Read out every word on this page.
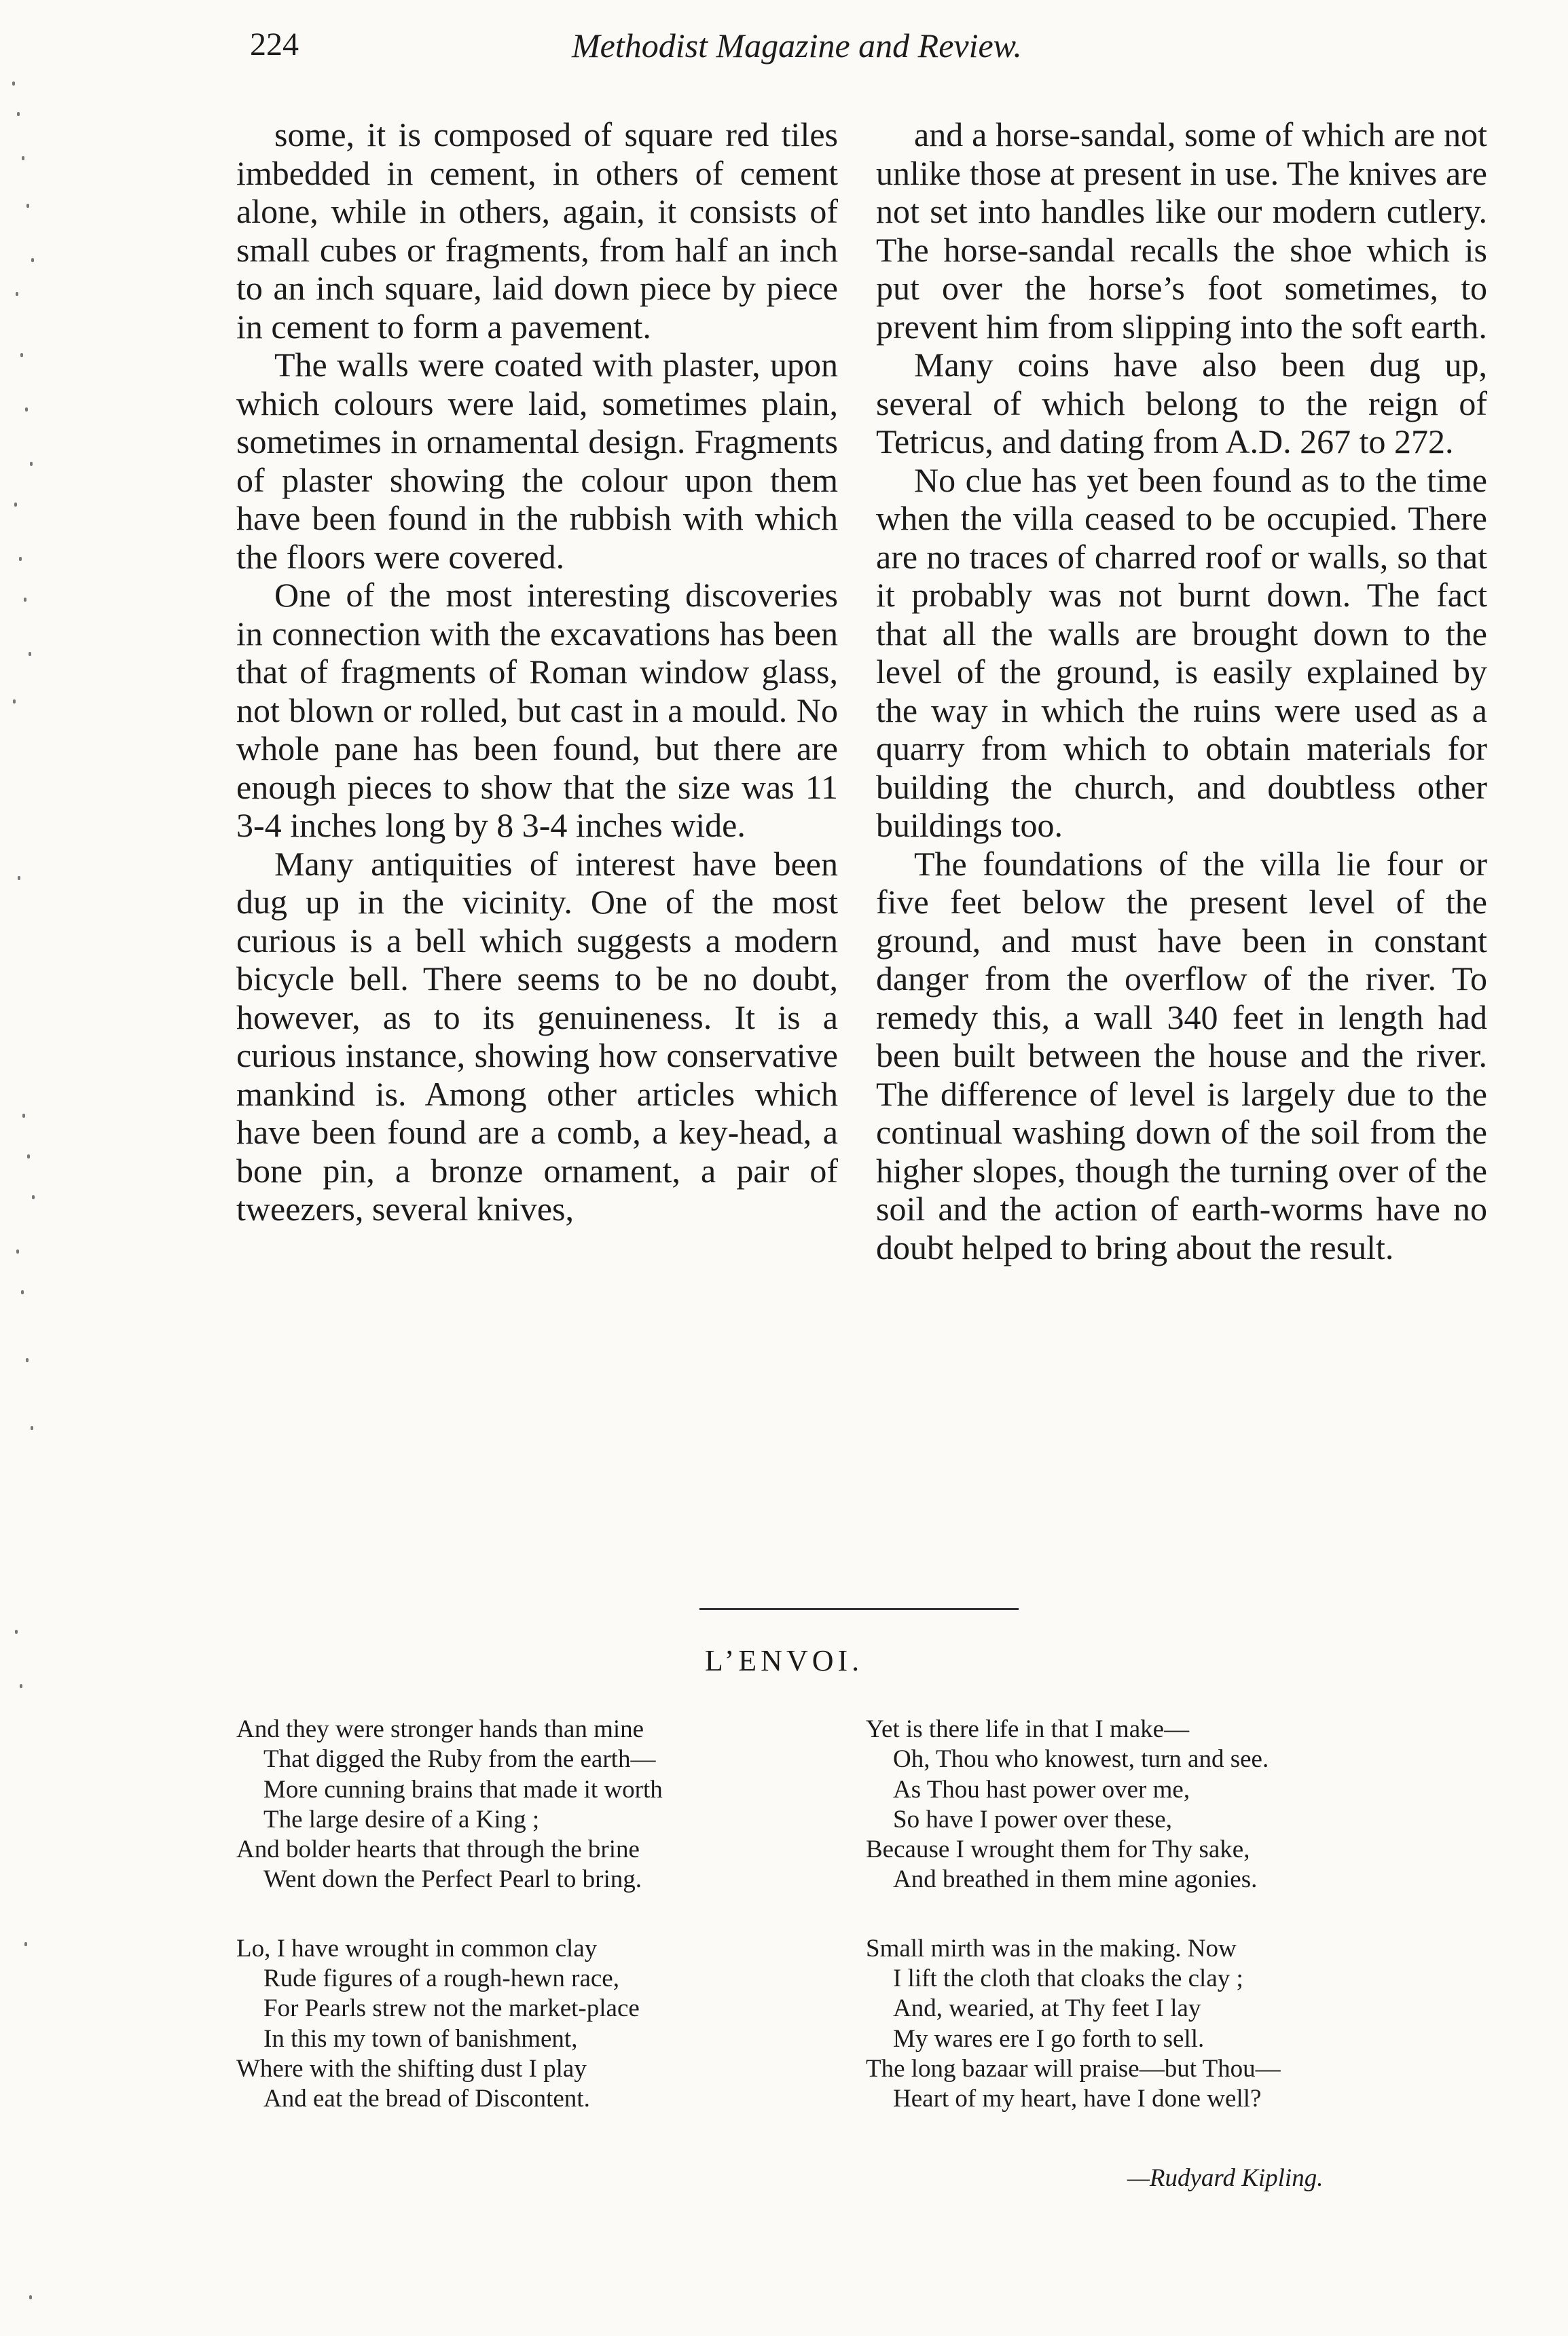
224	Methodist Magazine and Review.

some, it is composed of square red tiles imbedded in cement, in others of cement alone, while in others, again, it consists of small cubes or fragments, from half an inch to an inch square, laid down piece by piece in cement to form a pavement.

The walls were coated with plaster, upon which colours were laid, sometimes plain, sometimes in ornamental design. Fragments of plaster showing the colour upon them have been found in the rubbish with which the floors were covered.

One of the most interesting discoveries in connection with the excavations has been that of fragments of Roman window glass, not blown or rolled, but cast in a mould. No whole pane has been found, but there are enough pieces to show that the size was 11 3-4 inches long by 8 3-4 inches wide.

Many antiquities of interest have been dug up in the vicinity. One of the most curious is a bell which suggests a modern bicycle bell. There seems to be no doubt, however, as to its genuineness. It is a curious instance, showing how conservative mankind is. Among other articles which have been found are a comb, a key-head, a bone pin, a bronze ornament, a pair of tweezers, several knives,

and a horse-sandal, some of which are not unlike those at present in use. The knives are not set into handles like our modern cutlery. The horse-sandal recalls the shoe which is put over the horse’s foot sometimes, to prevent him from slipping into the soft earth.

Many coins have also been dug up, several of which belong to the reign of Tetricus, and dating from A.D. 267 to 272.

No clue has yet been found as to the time when the villa ceased to be occupied. There are no traces of charred roof or walls, so that it probably was not burnt down. The fact that all the walls are brought down to the level of the ground, is easily explained by the way in which the ruins were used as a quarry from which to obtain materials for building the church, and doubtless other buildings too.

The foundations of the villa lie four or five feet below the present level of the ground, and must have been in constant danger from the overflow of the river. To remedy this, a wall 340 feet in length had been built between the house and the river. The difference of level is largely due to the continual washing down of the soil from the higher slopes, though the turning over of the soil and the action of earth-worms have no doubt helped to bring about the result.

L’ENVOI.
And they were stronger hands than mine
That digged the Ruby from the earth—
More cunning brains that made it worth
The large desire of a King ;
And bolder hearts that through the brine
Went down the Perfect Pearl to bring.
Lo, I have wrought in common clay
Rude figures of a rough-hewn race,
For Pearls strew not the market-place
In this my town of banishment,
Where with the shifting dust I play
And eat the bread of Discontent.
Yet is there life in that I make—
Oh, Thou who knowest, turn and see.
As Thou hast power over me,
So have I power over these,
Because I wrought them for Thy sake,
And breathed in them mine agonies.
Small mirth was in the making. Now
I lift the cloth that cloaks the clay ;
And, wearied, at Thy feet I lay
My wares ere I go forth to sell.
The long bazaar will praise—but Thou—
Heart of my heart, have I done well?
—Rudyard Kipling.
